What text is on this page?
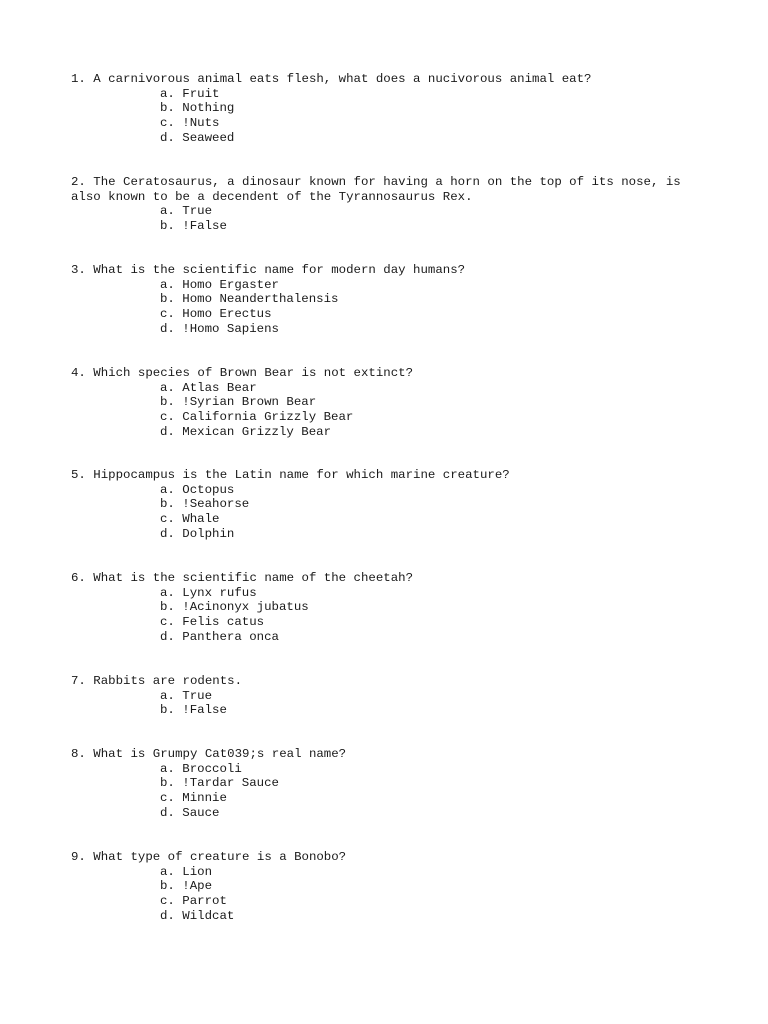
1. A carnivorous animal eats flesh, what does a nucivorous animal eat?

a. Fruit
b. Nothing
c. !Nuts
d. Seaweed

2. The Ceratosaurus, a dinosaur known for having a horn on the top of its nose, is also known to be a decendent of the Tyrannosaurus Rex.

a. True
b. !False

3. What is the scientific name for modern day humans?

a. Homo Ergaster
b. Homo Neanderthalensis
c. Homo Erectus
d. !Homo Sapiens

4. Which species of Brown Bear is not extinct?

a. Atlas Bear
b. !Syrian Brown Bear
c. California Grizzly Bear
d. Mexican Grizzly Bear

5. Hippocampus is the Latin name for which marine creature?

a. Octopus
b. !Seahorse
c. Whale
d. Dolphin

6. What is the scientific name of the cheetah?

a. Lynx rufus
b. !Acinonyx jubatus
c. Felis catus
d. Panthera onca

7. Rabbits are rodents.

a. True
b. !False

8. What is Grumpy Cat039;s real name?

a. Broccoli
b. !Tardar Sauce
c. Minnie
d. Sauce

9. What type of creature is a Bonobo?

a. Lion
b. !Ape
c. Parrot
d. Wildcat
